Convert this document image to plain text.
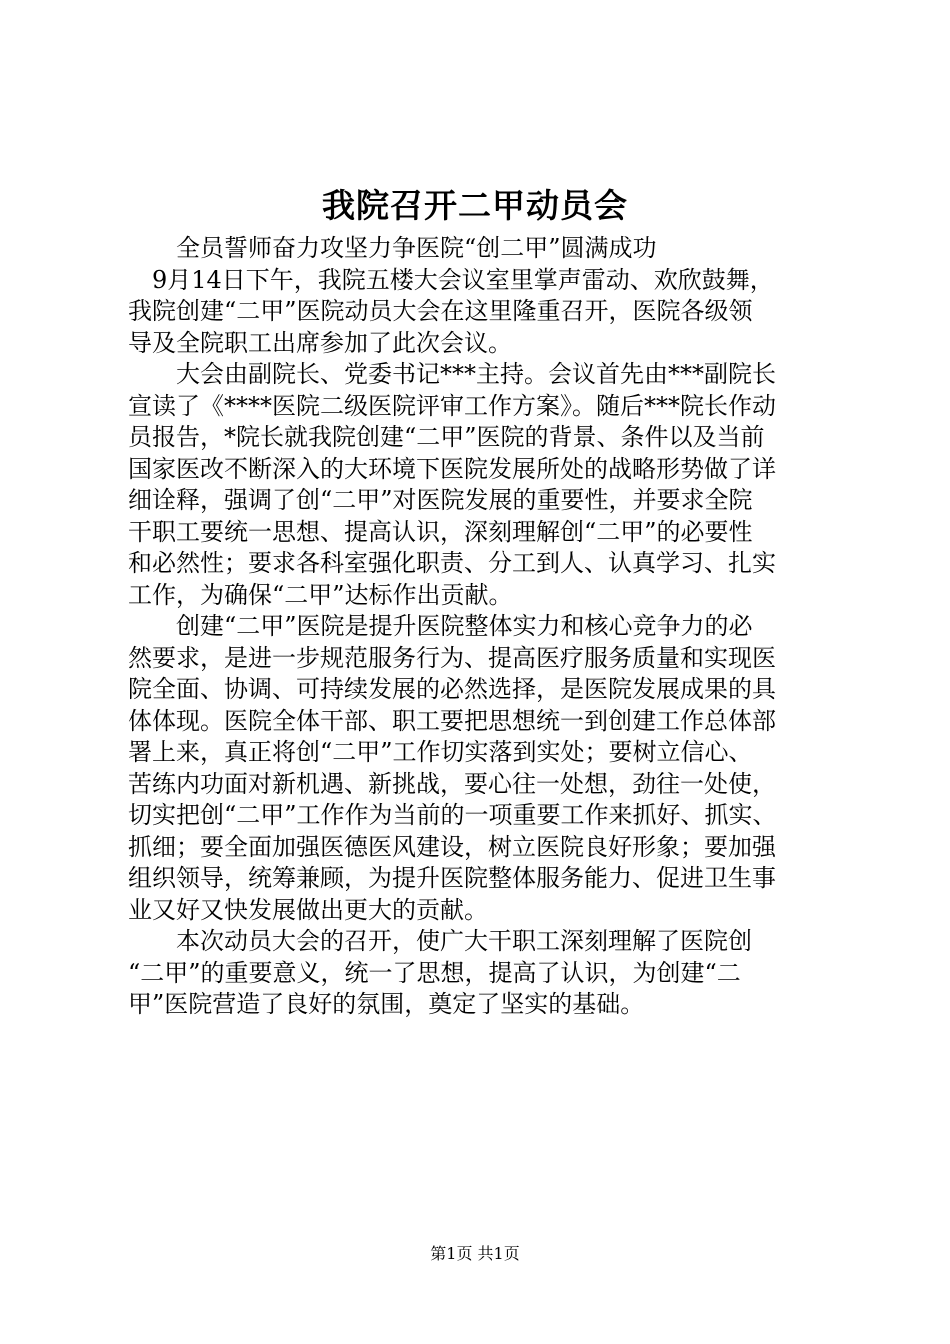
我院召开二甲动员会
　　全员誓师奋力攻坚力争医院“创二甲”圆满成功
　9月14日下午，我院五楼大会议室里掌声雷动、欢欣鼓舞，
我院创建“二甲”医院动员大会在这里隆重召开，医院各级领
导及全院职工出席参加了此次会议。
　　大会由副院长、党委书记***主持。会议首先由***副院长
宣读了《****医院二级医院评审工作方案》。随后***院长作动
员报告，*院长就我院创建“二甲”医院的背景、条件以及当前
国家医改不断深入的大环境下医院发展所处的战略形势做了详
细诠释，强调了创“二甲”对医院发展的重要性，并要求全院
干职工要统一思想、提高认识，深刻理解创“二甲”的必要性
和必然性；要求各科室强化职责、分工到人、认真学习、扎实
工作，为确保“二甲”达标作出贡献。
　　创建“二甲”医院是提升医院整体实力和核心竞争力的必
然要求，是进一步规范服务行为、提高医疗服务质量和实现医
院全面、协调、可持续发展的必然选择，是医院发展成果的具
体体现。医院全体干部、职工要把思想统一到创建工作总体部
署上来，真正将创“二甲”工作切实落到实处；要树立信心、
苦练内功面对新机遇、新挑战，要心往一处想，劲往一处使，
切实把创“二甲”工作作为当前的一项重要工作来抓好、抓实、
抓细；要全面加强医德医风建设，树立医院良好形象；要加强
组织领导，统筹兼顾，为提升医院整体服务能力、促进卫生事
业又好又快发展做出更大的贡献。
　　本次动员大会的召开，使广大干职工深刻理解了医院创
“二甲”的重要意义，统一了思想，提高了认识，为创建“二
甲”医院营造了良好的氛围，奠定了坚实的基础。
第1页 共1页
